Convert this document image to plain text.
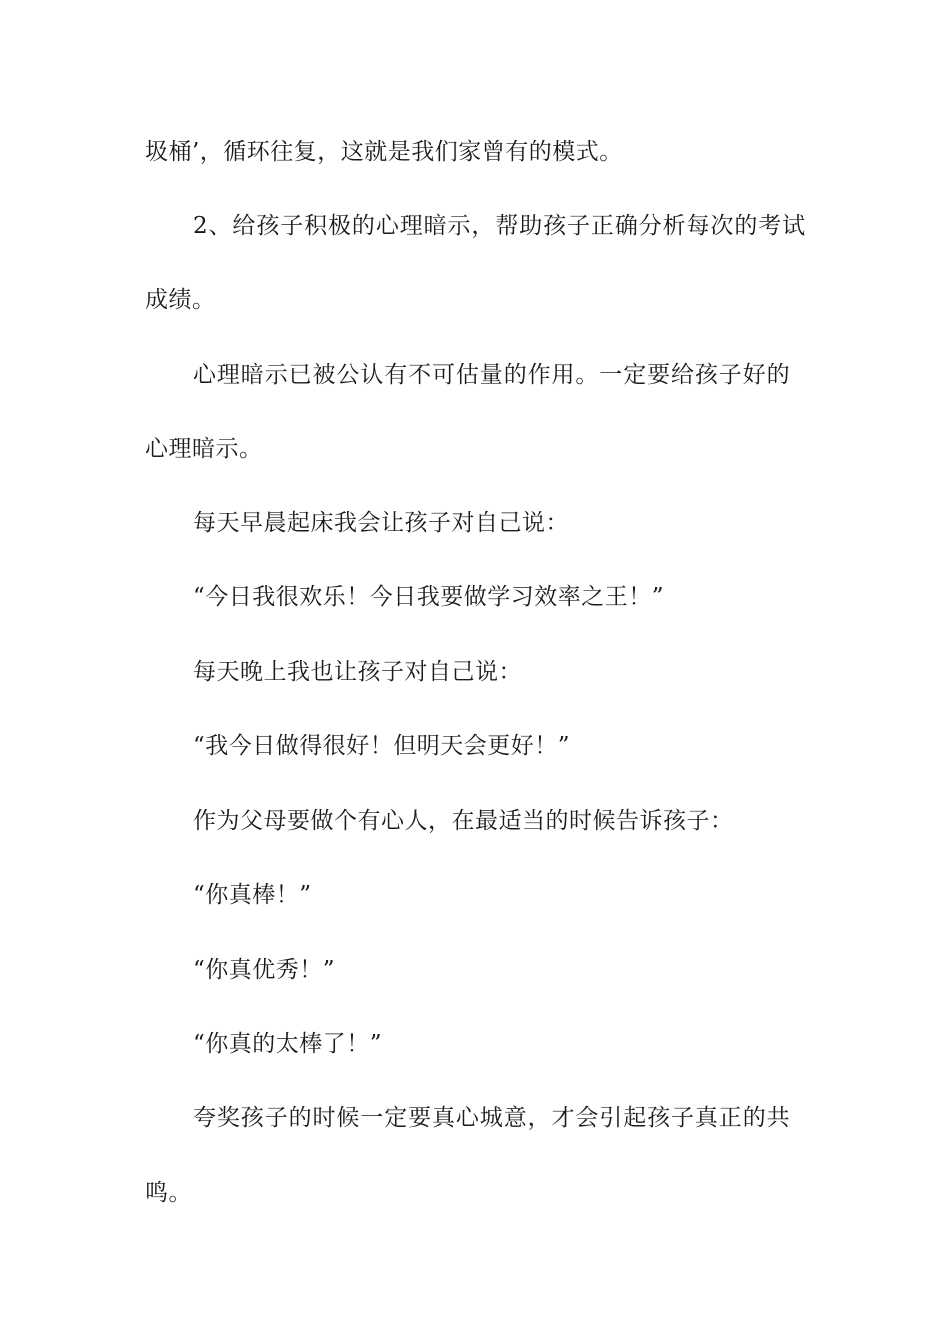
圾桶’，循环往复，这就是我们家曾有的模式。
2、给孩子积极的心理暗示，帮助孩子正确分析每次的考试
成绩。
心理暗示已被公认有不可估量的作用。一定要给孩子好的
心理暗示。
每天早晨起床我会让孩子对自己说：
“今日我很欢乐！今日我要做学习效率之王！”
每天晚上我也让孩子对自己说：
“我今日做得很好！但明天会更好！”
作为父母要做个有心人，在最适当的时候告诉孩子：
“你真棒！”
“你真优秀！”
“你真的太棒了！”
夸奖孩子的时候一定要真心城意，才会引起孩子真正的共
鸣。
